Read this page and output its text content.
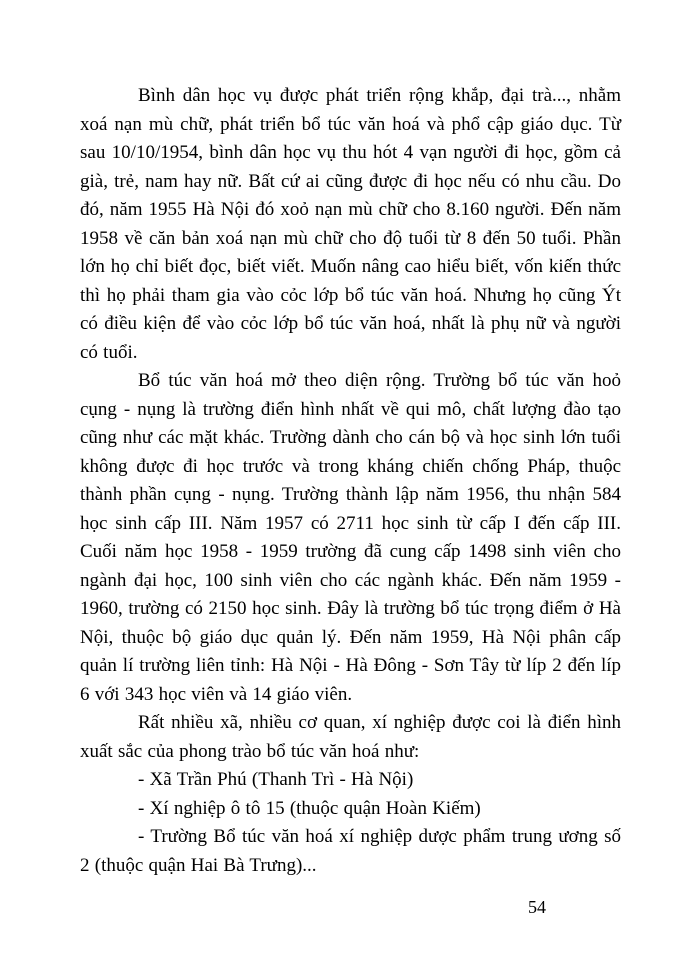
Bình dân học vụ được phát triển rộng khắp, đại trà..., nhằm xoá nạn mù chữ, phát triển bổ túc văn hoá và phổ cập giáo dục. Từ sau 10/10/1954, bình dân học vụ thu hót 4 vạn người đi học, gồm cả già, trẻ, nam hay nữ. Bất cứ ai cũng được đi học nếu có nhu cầu. Do đó, năm 1955 Hà Nội đó xoỏ nạn mù chữ cho 8.160 người. Đến năm 1958 về căn bản xoá nạn mù chữ cho độ tuổi từ 8 đến 50 tuổi. Phần lớn họ chỉ biết đọc, biết viết. Muốn nâng cao hiểu biết, vốn kiến thức thì họ phải tham gia vào cỏc lớp bổ túc văn hoá. Nhưng họ cũng Ýt có điều kiện để vào cỏc lớp bổ túc văn hoá, nhất là phụ nữ và người có tuổi.

Bổ túc văn hoá mở theo diện rộng. Trường bổ túc văn hoỏ cụng - nụng là trường điển hình nhất về qui mô, chất lượng đào tạo cũng như các mặt khác. Trường dành cho cán bộ và học sinh lớn tuổi không được đi học trước và trong kháng chiến chống Pháp, thuộc thành phần cụng - nụng. Trường thành lập năm 1956, thu nhận 584 học sinh cấp III. Năm 1957 có 2711 học sinh từ cấp I đến cấp III. Cuối năm học 1958 - 1959 trường đã cung cấp 1498 sinh viên cho ngành đại học, 100 sinh viên cho các ngành khác. Đến năm 1959 - 1960, trường có 2150 học sinh. Đây là trường bổ túc trọng điểm ở Hà Nội, thuộc bộ giáo dục quản lý. Đến năm 1959, Hà Nội phân cấp quản lí trường liên tỉnh: Hà Nội - Hà Đông - Sơn Tây từ líp 2 đến líp 6 với 343 học viên và 14 giáo viên.

Rất nhiều xã, nhiều cơ quan, xí nghiệp được coi là điển hình xuất sắc của phong trào bổ túc văn hoá như:

- Xã Trần Phú (Thanh Trì - Hà Nội)

- Xí nghiệp ô tô 15 (thuộc quận Hoàn Kiếm)

- Trường Bổ túc văn hoá xí nghiệp dược phẩm trung ương số 2 (thuộc quận Hai Bà Trưng)...

54
